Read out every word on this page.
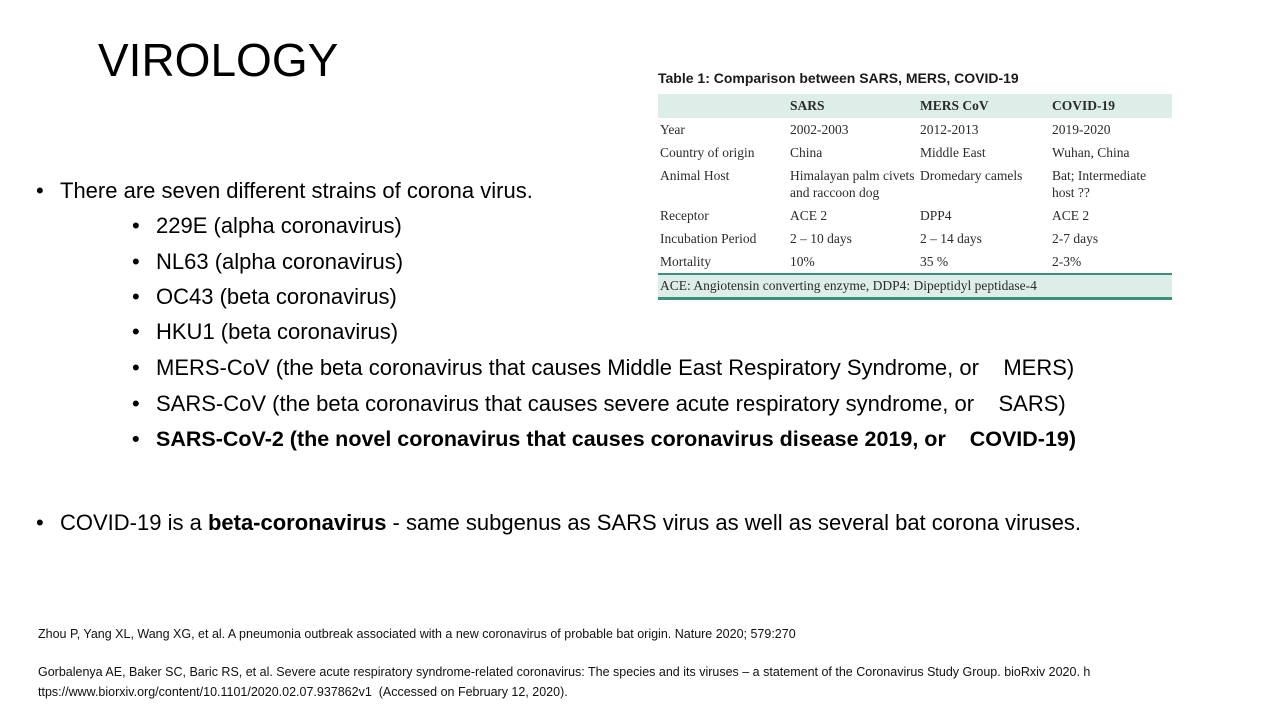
VIROLOGY
• There are seven different strains of corona virus.
• 229E (alpha coronavirus)
• NL63 (alpha coronavirus)
• OC43 (beta coronavirus)
• HKU1 (beta coronavirus)
• MERS-CoV (the beta coronavirus that causes Middle East Respiratory Syndrome, or    MERS)
• SARS-CoV (the beta coronavirus that causes severe acute respiratory syndrome, or    SARS)
• SARS-CoV-2 (the novel coronavirus that causes coronavirus disease 2019, or    COVID-19)
• COVID-19 is a beta-coronavirus - same subgenus as SARS virus as well as several bat corona viruses.
Zhou P, Yang XL, Wang XG, et al. A pneumonia outbreak associated with a new coronavirus of probable bat origin. Nature 2020; 579:270
Gorbalenya AE, Baker SC, Baric RS, et al. Severe acute respiratory syndrome-related coronavirus: The species and its viruses – a statement of the Coronavirus Study Group. bioRxiv 2020. h
ttps://www.biorxiv.org/content/10.1101/2020.02.07.937862v1  (Accessed on February 12, 2020).
Table 1: Comparison between SARS, MERS, COVID-19
	SARS	MERS CoV	COVID-19
Year	2002-2003	2012-2013	2019-2020
Country of origin	China	Middle East	Wuhan, China
Animal Host	Himalayan palm civets and raccoon dog	Dromedary camels	Bat; Intermediate host ??
Receptor	ACE 2	DPP4	ACE 2
Incubation Period	2 – 10 days	2 – 14 days	2-7 days
Mortality	10%	35 %	2-3%
ACE: Angiotensin converting enzyme, DDP4: Dipeptidyl peptidase-4			
